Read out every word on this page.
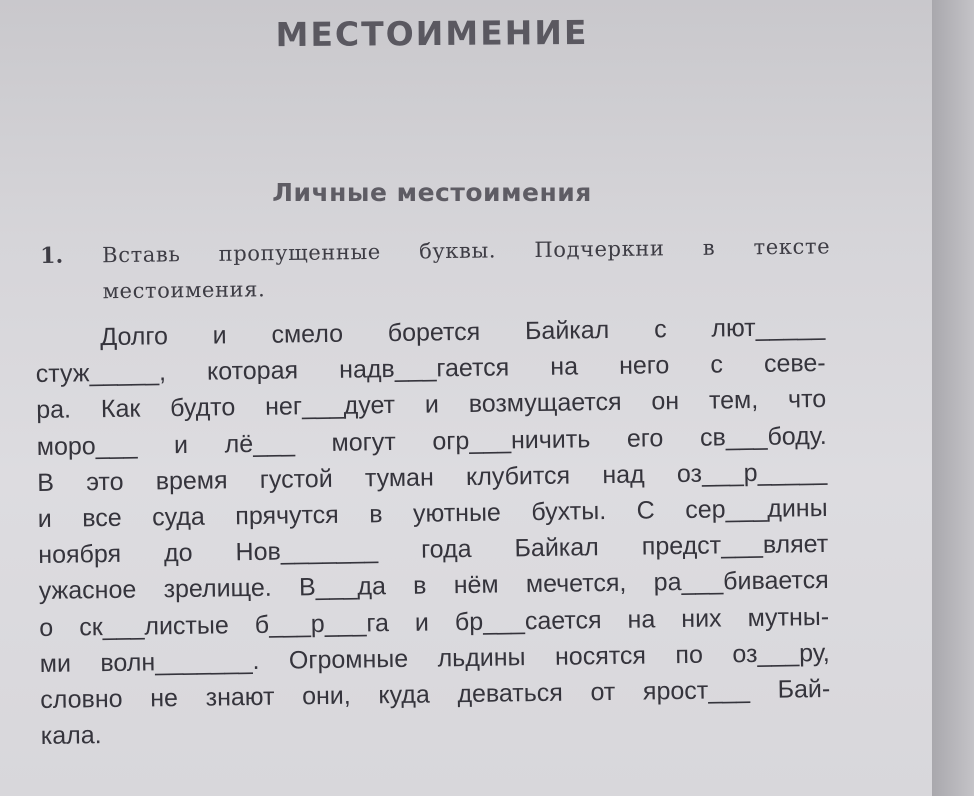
МЕСТОИМЕНИЕ
Личные местоимения
1. Вставь пропущенные буквы. Подчеркни в тексте местоимения.
Долго и смело борется Байкал с лют_____
стуж_____, которая надв___гается на него с севе-
ра. Как будто нег___дует и возмущается он тем, что
моро___ и лё___ могут огр___ничить его св___боду.
В это время густой туман клубится над оз___р_____
и все суда прячутся в уютные бухты. С сер___дины
ноября до Нов_______ года Байкал предст___вляет
ужасное зрелище. В___да в нём мечется, ра___бивается
о ск___листые б___р___га и бр___сается на них мутны-
ми волн_______. Огромные льдины носятся по оз___ру,
словно не знают они, куда деваться от ярост___ Бай-
кала.
